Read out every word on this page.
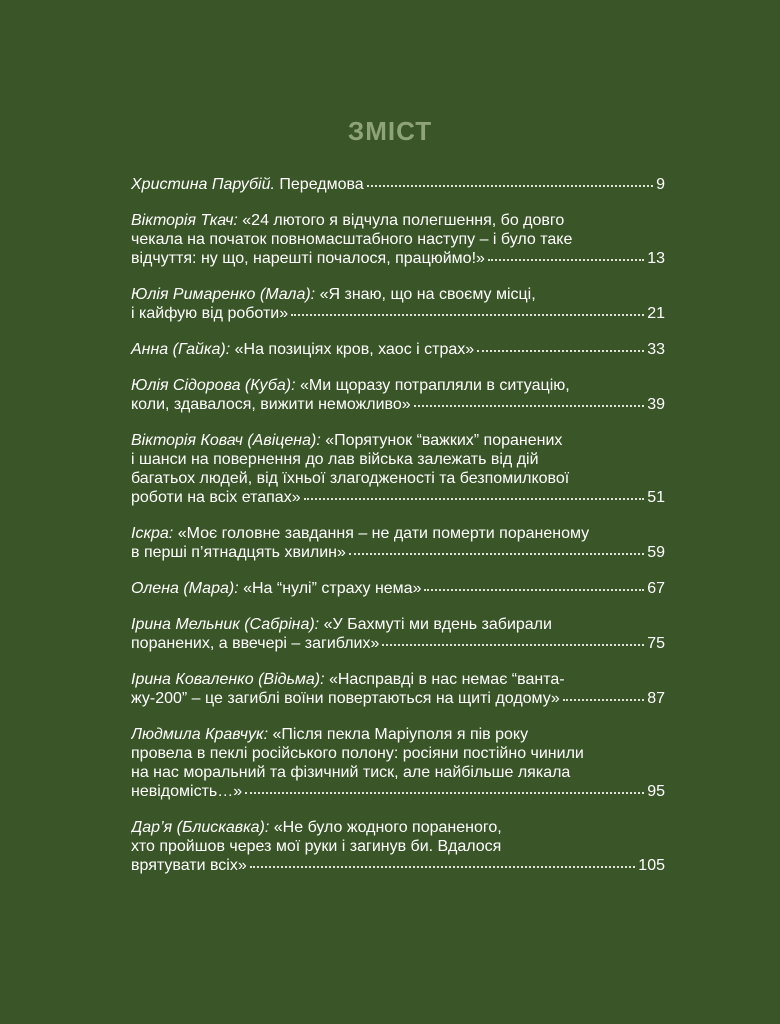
ЗМІСТ
Христина Парубій. Передмова	9
Вікторія Ткач: «24 лютого я відчула полегшення, бо довго
чекала на початок повномасштабного наступу – і було таке
відчуття: ну що, нарешті почалося, працюймо!»	13
Юлія Римаренко (Мала): «Я знаю, що на своєму місці,
і кайфую від роботи»	21
Анна (Гайка): «На позиціях кров, хаос і страх»	33
Юлія Сідорова (Куба): «Ми щоразу потрапляли в ситуацію,
коли, здавалося, вижити неможливо»	39
Вікторія Ковач (Авіцена): «Порятунок “важких” поранених
і шанси на повернення до лав війська залежать від дій
багатьох людей, від їхньої злагодженості та безпомилкової
роботи на всіх етапах»	51
Іскра: «Моє головне завдання – не дати померти пораненому
в перші п’ятнадцять хвилин»	59
Олена (Мара): «На “нулі” страху нема»	67
Ірина Мельник (Сабріна): «У Бахмуті ми вдень забирали
поранених, а ввечері – загиблих»	75
Ірина Коваленко (Відьма): «Насправді в нас немає “ванта-
жу-200” – це загиблі воїни повертаються на щиті додому»	87
Людмила Кравчук: «Після пекла Маріуполя я пів року
провела в пеклі російського полону: росіяни постійно чинили
на нас моральний та фізичний тиск, але найбільше лякала
невідомість…»	95
Дар’я (Блискавка): «Не було жодного пораненого,
хто пройшов через мої руки і загинув би. Вдалося
врятувати всіх»	105
